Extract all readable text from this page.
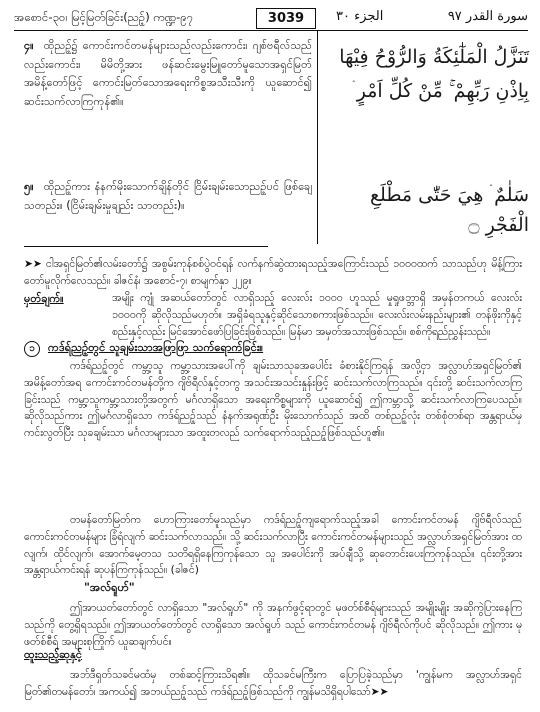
အစောင်-၃၀၊ မြင့်မြတ်ခြင်း(ညဉ့်) ကဏ္ဍ-၉၇	3039	الجزء ٣٠	سورة القدر ٩٧
၄။ ထိုညဉ့်၌ ကောင်းကင်တမန်များသည်လည်းကောင်း၊ ဂျစ်ဗရီလ်သည်လည်းကောင်း၊ မိမိတို့အား ဖန်ဆင်းမွေးမြူတော်မူသောအရှင်မြတ် အမိန့်တော်ဖြင့် ကောင်းမြတ်သောအရေးကိစ္စအသီးသီးကို ယူဆောင်၍ ဆင်းသက်လာကြကုန်၏။
تَنَزَّلُ الْمَلٰٓئِكَةُ وَالرُّوْحُ فِيْهَا بِاِذْنِ رَبِّهِمْ ۚ مِّنْ كُلِّ اَمْرٍ ۛ
၅။ ထိုညဉ့်ကား နံနက်မိုးသောက်ချိန်တိုင် ငြိမ်းချမ်းသောညဉ့်ပင် ဖြစ်ချေသတည်း။ (ငြိမ်းချမ်းမှုချည်း သာတည်း)။	سَلٰمٌ ۛ هِيَ حَتّٰى مَطْلَعِ الْفَجْرِ ۝
➤➤ ငါအရှင်မြတ်၏လမ်းတော်၌ အစွမ်းကုန်စစ်ပွဲဝင်ရန် လက်နက်ဆွဲထားရသည့်အကြောင်းသည် ၁၀၀၀ထက် သာသည်ဟု မိန့်ကြားတော်မူလိုက်လေသည်။ ခါဇင်နံ၊ အစောင်-၇၊ စာမျက်နှာ ၂၂၉။
မှတ်ချက်။	အမျိုး ကျုံ အဆယ်တော်တွင် လာရှိသည့် လေးလ်း ၁၀၀၀ ဟူသည် မှုရှုဖဘ္ဘာရှိ အမှန်တကယ် လေးလ်း ၁၀၀၀ကို ဆိုလိုသည်မဟုတ်။ အရှိခံရသူနှင့်ဆိုင်သောစကားဖြစ်သည်။ လေးလ်းလမ်းနည်းများ၏ တန်ဖိုးကိုနှင့် စည်းနှင့်လည်း မြင်အောင်ဖော်ပြခြင်းဖြစ်သည်။ မြန်မာ အမှတ်အသားဖြစ်သည်။ စစ်ကိုရည်ညွှန်းသည်။
၁ ကဒ်ရ်ညဉ့်တွင် သူချမ်းသာအဖြာဖြာ သက်ရောက်ခြင်း။
ကဒ်ရ်ညဉ့်တွင် ကမ္ဘာ့သူ ကမ္ဘာ့သားအပေါ်ကို ချမ်းသာသုခအပေါင်း ခံစားနိုင်ကြရန် အလို့ငှာ အလ္လာဟ်အရှင်မြတ်၏ အမိန့်တော်အရ ကောင်းကင်တမန်တို့က ဂျိဗ်ရီလ်နှင့်တကွ အသင်းအသင်းနှုန်းဖြင့် ဆင်းသက်လာကြသည်။ ၎င်းတို့ ဆင်းသက်လာကြခြင်းသည် ကမ္ဘာ့သူကမ္ဘာ့သားတို့အတွက် မင်္ဂလာရှိသော အရေးကိစ္စများကို ယူဆောင်၍ ဤကမ္ဘာသို့ ဆင်းသက်လာကြပေသည်။ ဆိုလိုသည်ကား ဤမင်္ဂလာရှိသော ကဒ်ရ်ညဉ့်သည် နံနက်အရုဏ်ဦး မိုးသောက်သည် အထိ တစ်ညဉ့်လုံး တစ်စုံတစ်ရာ အန္တရာယ်မှ ကင်းလွတ်ပြီး သုခချမ်းသာ မင်္ဂလာများသာ အထူးတလည် သက်ရောက်သည့်ညဉ့်ဖြစ်သည်ဟူ၏။
တမန်တော်မြတ်က ဟောကြားတော်မူသည်မှာ ကဒ်ရ်ညဉ့်ကျရောက်သည့်အခါ ကောင်းကင်တမန် ဂျိဗ်ရီလ်သည် ကောင်းကင်တမန်များ ခြံရံလျက် ဆင်းသက်လာသည်။ သို့ ဆင်းသက်လာပြီး ကောင်းကင်တမန်များသည် အလ္လာဟ်အရှင်မြတ်အား ထလျက်၊ ထိုင်လျက်၊ အောက်မေ့တသ သတိရရှိနေကြကုန်သော သူ အပေါင်းကို အပ်ချီသို့ ဆုတောင်းပေးကြကုန်သည်။ ၎င်းတို့အား အန္တရာယ်ကင်းရန် ဆုပန်ကြကုန်သည်။ (ခါဇင်)
"အလ်ရူဟ်"
ဤအာယတ်တော်တွင် လာရှိသော "အလ်ရူဟ်" ကို အနက်ဖွင့်ရာတွင် မုဖတ်စ်စီရ်များသည် အမျိုးမျိုး အဆိုကွဲပြားနေကြသည်ကို တွေ့ရှိရသည်။ ဤအာယတ်တော်တွင် လာရှိသော အလ်ရူဟ် သည် ကောင်းကင်တမန် ဂျိဗ်ရီလ်ကိုပင် ဆိုလိုသည်။ ဤကား မုဖတ်စ်စီရ် အများစုကြိုက် ယူဆချက်ပင်။
ထူးသည့်ဆုနှင့်
အဘ်ဒီရှတ်သခင်မထံမှ တစ်ဆင့်ကြားသိရ၏။ ထိုသခင်မကြီးက ပြောပြခဲ့သည်မှာ 'ကျွန်မက အလ္လာဟ်အရှင်မြတ်၏တမန်တော်၊ အကယ်၍ အဘယ်ညဉ့်သည် ကဒ်ရ်ညဉ့်ဖြစ်သည်ကို ကျွန်မသိရှိရပါသော်➤➤
